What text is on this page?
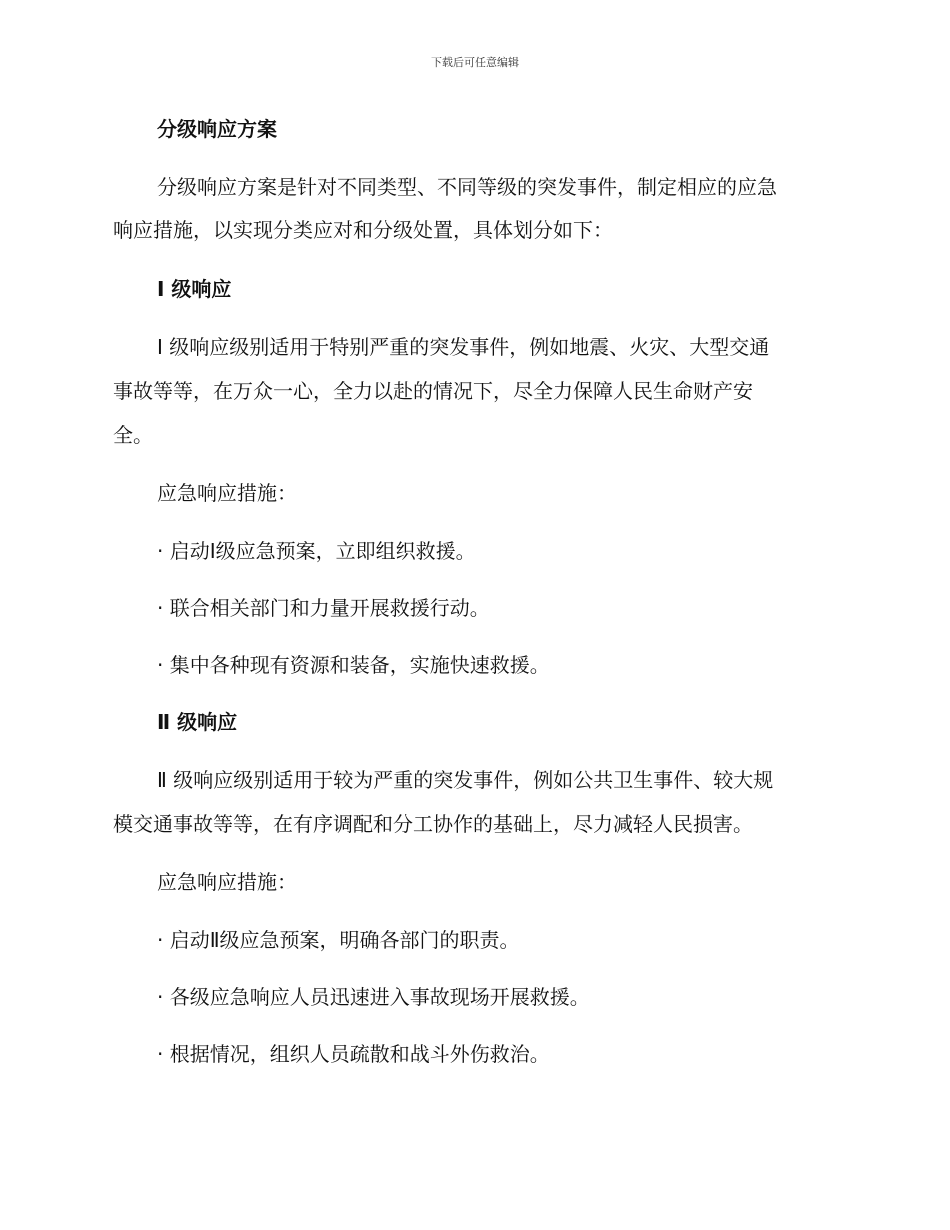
下载后可任意编辑
分级响应方案
分级响应方案是针对不同类型、不同等级的突发事件，制定相应的应急
响应措施，以实现分类应对和分级处置，具体划分如下：
Ⅰ 级响应
Ⅰ 级响应级别适用于特别严重的突发事件，例如地震、火灾、大型交通
事故等等，在万众一心，全力以赴的情况下，尽全力保障人民生命财产安
全。
应急响应措施：
· 启动Ⅰ级应急预案，立即组织救援。
· 联合相关部门和力量开展救援行动。
· 集中各种现有资源和装备，实施快速救援。
Ⅱ 级响应
Ⅱ 级响应级别适用于较为严重的突发事件，例如公共卫生事件、较大规
模交通事故等等，在有序调配和分工协作的基础上，尽力减轻人民损害。
应急响应措施：
· 启动Ⅱ级应急预案，明确各部门的职责。
· 各级应急响应人员迅速进入事故现场开展救援。
· 根据情况，组织人员疏散和战斗外伤救治。
